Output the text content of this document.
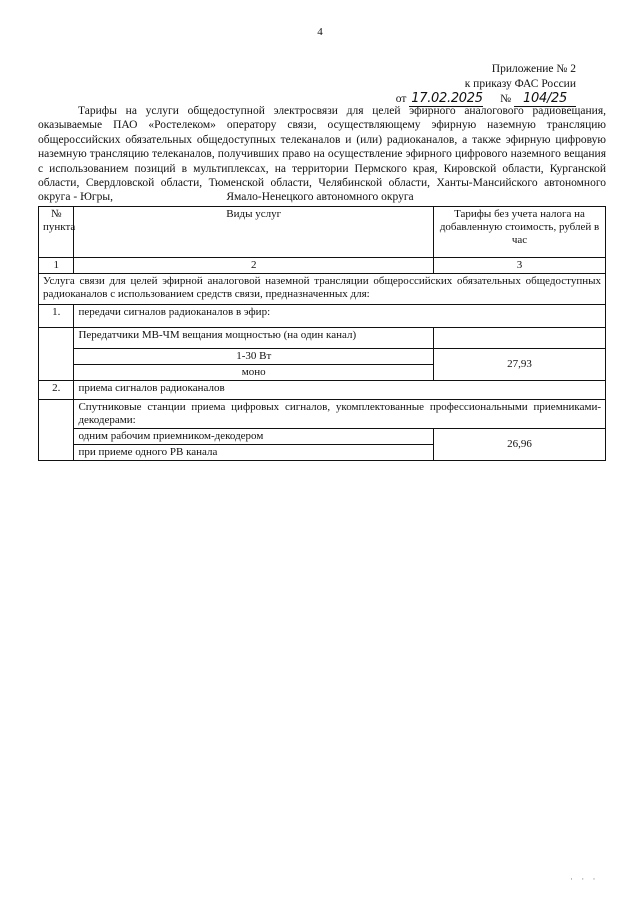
4
Приложение № 2
к приказу ФАС России
от 17.02.2025 № 104/25
Тарифы на услуги общедоступной электросвязи для целей эфирного аналогового радиовещания, оказываемые ПАО «Ростелеком» оператору связи, осуществляющему эфирную наземную трансляцию общероссийских обязательных общедоступных телеканалов и (или) радиоканалов, а также эфирную цифровую наземную трансляцию телеканалов, получивших право на осуществление эфирного цифрового наземного вещания с использованием позиций в мультиплексах, на территории Пермского края, Кировской области, Курганской области, Свердловской области, Тюменской области, Челябинской области, Ханты-Мансийского автономного округа - Югры,	Ямало-Ненецкого автономного округа
№ пункта	Виды услуг	Тарифы без учета налога на добавленную стоимость, рублей в час
1	2	3
Услуга связи для целей эфирной аналоговой наземной трансляции общероссийских обязательных общедоступных радиоканалов с использованием средств связи, предназначенных для:		
1.	передачи сигналов радиоканалов в эфир:	
	Передатчики МВ-ЧМ вещания мощностью (на один канал)	
	1-30 Вт	27,93
	моно	
2.	приема сигналов радиоканалов	
	Спутниковые станции приема цифровых сигналов, укомплектованные профессиональными приемниками-декодерами:	
	одним рабочим приемником-декодером	26,96
	при приеме одного РВ канала	
· · ·
